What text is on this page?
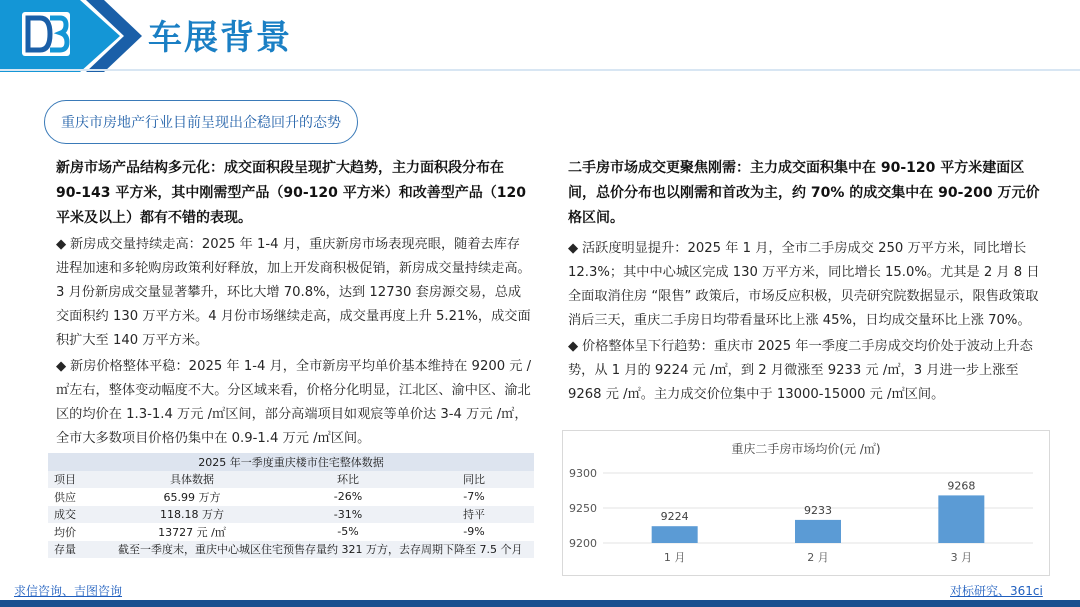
车展背景
重庆市房地产行业目前呈现出企稳回升的态势
新房市场产品结构多元化：成交面积段呈现扩大趋势，主力面积段分布在 90-143 平方米，其中刚需型产品（90-120 平方米）和改善型产品（120 平米及以上）都有不错的表现。
◆ 新房成交量持续走高：2025 年 1-4 月，重庆新房市场表现亮眼，随着去库存进程加速和多轮购房政策利好释放，加上开发商积极促销，新房成交量持续走高。3 月份新房成交量显著攀升，环比大增 70.8%，达到 12730 套房源交易，总成交面积约 130 万平方米。4 月份市场继续走高，成交量再度上升 5.21%，成交面积扩大至 140 万平方米。
◆ 新房价格整体平稳：2025 年 1-4 月，全市新房平均单价基本维持在 9200 元 /㎡左右，整体变动幅度不大。分区域来看，价格分化明显，江北区、渝中区、渝北区的均价在 1.3-1.4 万元 /㎡区间，部分高端项目如观宸等单价达 3-4 万元 /㎡，全市大多数项目价格仍集中在 0.9-1.4 万元 /㎡区间。
二手房市场成交更聚焦刚需：主力成交面积集中在 90-120 平方米建面区间，总价分布也以刚需和首改为主，约 70% 的成交集中在 90-200 万元价格区间。
◆ 活跃度明显提升：2025 年 1 月，全市二手房成交 250 万平方米，同比增长 12.3%；其中中心城区完成 130 万平方米，同比增长 15.0%。尤其是 2 月 8 日全面取消住房 “限售” 政策后，市场反应积极，贝壳研究院数据显示，限售政策取消后三天，重庆二手房日均带看量环比上涨 45%，日均成交量环比上涨 70%。
◆ 价格整体呈下行趋势：重庆市 2025 年一季度二手房成交均价处于波动上升态势，从 1 月的 9224 元 /㎡，到 2 月微涨至 9233 元 /㎡，3 月进一步上涨至 9268 元 /㎡。主力成交价位集中于 13000-15000 元 /㎡区间。
2025 年一季度重庆楼市住宅整体数据			
项目	具体数据	环比	同比
供应	65.99 万方	-26%	-7%
成交	118.18 万方	-31%	持平
均价	13727 元 /㎡	-5%	-9%
存量	截至一季度末，重庆中心城区住宅预售存量约 321 万方，去存周期下降至 7.5 个月		
重庆二手房市场均价(元 /㎡)
9200
9250
9300
9224
1 月
9233
2 月
9268
3 月
求信咨询、吉图咨询	对标研究、361ci
